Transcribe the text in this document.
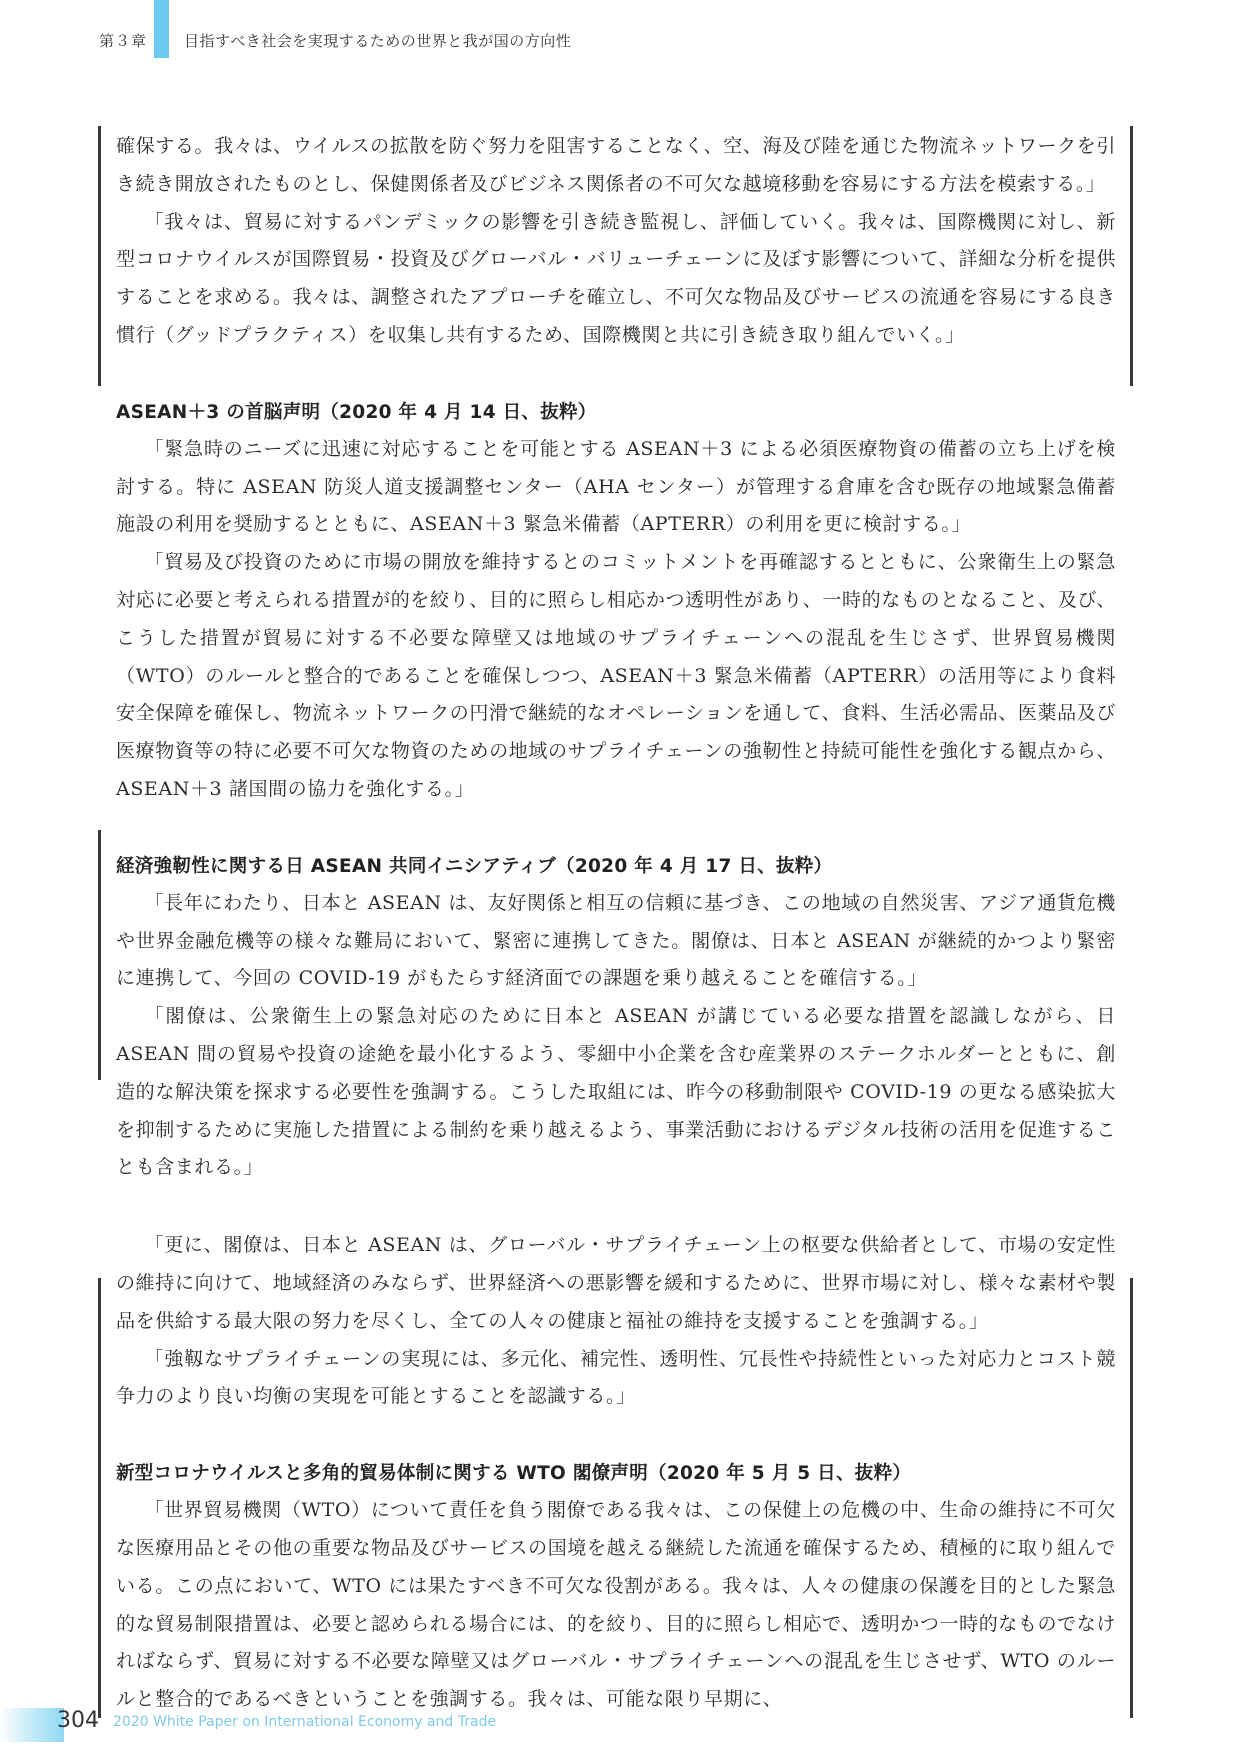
第３章 目指すべき社会を実現するための世界と我が国の方向性

確保する。我々は、ウイルスの拡散を防ぐ努力を阻害することなく、空、海及び陸を通じた物流ネットワークを引き続き開放されたものとし、保健関係者及びビジネス関係者の不可欠な越境移動を容易にする方法を模索する。」

「我々は、貿易に対するパンデミックの影響を引き続き監視し、評価していく。我々は、国際機関に対し、新型コロナウイルスが国際貿易・投資及びグローバル・バリューチェーンに及ぼす影響について、詳細な分析を提供することを求める。我々は、調整されたアプローチを確立し、不可欠な物品及びサービスの流通を容易にする良き慣行（グッドプラクティス）を収集し共有するため、国際機関と共に引き続き取り組んでいく。」

ASEAN＋3 の首脳声明（2020 年 4 月 14 日、抜粋）

「緊急時のニーズに迅速に対応することを可能とする ASEAN＋3 による必須医療物資の備蓄の立ち上げを検討する。特に ASEAN 防災人道支援調整センター（AHA センター）が管理する倉庫を含む既存の地域緊急備蓄施設の利用を奨励するとともに、ASEAN＋3 緊急米備蓄（APTERR）の利用を更に検討する。」

「貿易及び投資のために市場の開放を維持するとのコミットメントを再確認するとともに、公衆衛生上の緊急対応に必要と考えられる措置が的を絞り、目的に照らし相応かつ透明性があり、一時的なものとなること、及び、こうした措置が貿易に対する不必要な障壁又は地域のサプライチェーンへの混乱を生じさず、世界貿易機関（WTO）のルールと整合的であることを確保しつつ、ASEAN＋3 緊急米備蓄（APTERR）の活用等により食料安全保障を確保し、物流ネットワークの円滑で継続的なオペレーションを通して、食料、生活必需品、医薬品及び医療物資等の特に必要不可欠な物資のための地域のサプライチェーンの強靭性と持続可能性を強化する観点から、ASEAN＋3 諸国間の協力を強化する。」

経済強靭性に関する日 ASEAN 共同イニシアティブ（2020 年 4 月 17 日、抜粋）

「長年にわたり、日本と ASEAN は、友好関係と相互の信頼に基づき、この地域の自然災害、アジア通貨危機や世界金融危機等の様々な難局において、緊密に連携してきた。閣僚は、日本と ASEAN が継続的かつより緊密に連携して、今回の COVID-19 がもたらす経済面での課題を乗り越えることを確信する。」

「閣僚は、公衆衛生上の緊急対応のために日本と ASEAN が講じている必要な措置を認識しながら、日 ASEAN 間の貿易や投資の途絶を最小化するよう、零細中小企業を含む産業界のステークホルダーとともに、創造的な解決策を探求する必要性を強調する。こうした取組には、昨今の移動制限や COVID-19 の更なる感染拡大を抑制するために実施した措置による制約を乗り越えるよう、事業活動におけるデジタル技術の活用を促進することも含まれる。」

「更に、閣僚は、日本と ASEAN は、グローバル・サプライチェーン上の枢要な供給者として、市場の安定性の維持に向けて、地域経済のみならず、世界経済への悪影響を緩和するために、世界市場に対し、様々な素材や製品を供給する最大限の努力を尽くし、全ての人々の健康と福祉の維持を支援することを強調する。」

「強靱なサプライチェーンの実現には、多元化、補完性、透明性、冗長性や持続性といった対応力とコスト競争力のより良い均衡の実現を可能とすることを認識する。」

新型コロナウイルスと多角的貿易体制に関する WTO 閣僚声明（2020 年 5 月 5 日、抜粋）

「世界貿易機関（WTO）について責任を負う閣僚である我々は、この保健上の危機の中、生命の維持に不可欠な医療用品とその他の重要な物品及びサービスの国境を越える継続した流通を確保するため、積極的に取り組んでいる。この点において、WTO には果たすべき不可欠な役割がある。我々は、人々の健康の保護を目的とした緊急的な貿易制限措置は、必要と認められる場合には、的を絞り、目的に照らし相応で、透明かつ一時的なものでなければならず、貿易に対する不必要な障壁又はグローバル・サプライチェーンへの混乱を生じさせず、WTO のルールと整合的であるべきということを強調する。我々は、可能な限り早期に、

304 2020 White Paper on International Economy and Trade
